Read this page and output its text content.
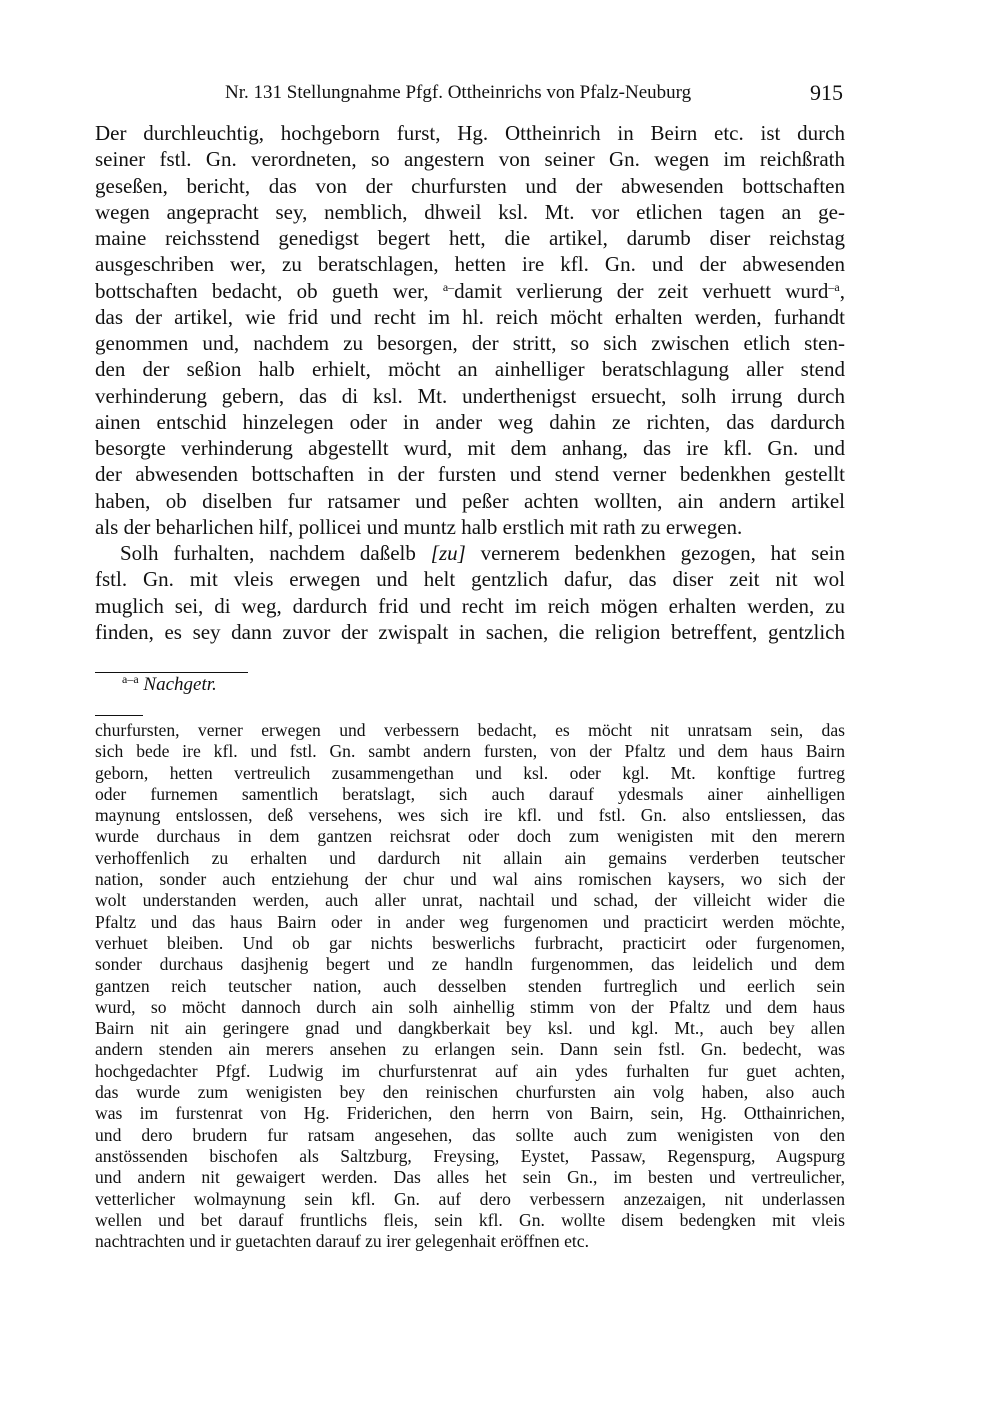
Nr. 131 Stellungnahme Pfgf. Ottheinrichs von Pfalz-Neuburg	915
Der durchleuchtig, hochgeborn furst, Hg. Ottheinrich in Beirn etc. ist durch
seiner fstl. Gn. verordneten, so angestern von seiner Gn. wegen im reichßrath
geseßen, bericht, das von der churfursten und der abwesenden bottschaften
wegen angepracht sey, nemblich, dhweil ksl. Mt. vor etlichen tagen an ge-
maine reichsstend genedigst begert hett, die artikel, darumb diser reichstag
ausgeschriben wer, zu beratschlagen, hetten ire kfl. Gn. und der abwesenden
bottschaften bedacht, ob gueth wer, $^{a-}$damit verlierung der zeit verhuett wurd$^{-a}$,
das der artikel, wie frid und recht im hl. reich möcht erhalten werden, furhandt
genommen und, nachdem zu besorgen, der stritt, so sich zwischen etlich sten-
den der seßion halb erhielt, möcht an ainhelliger beratschlagung aller stend
verhinderung gebern, das di ksl. Mt. underthenigst ersuecht, solh irrung durch
ainen entschid hinzelegen oder in ander weg dahin ze richten, das dardurch
besorgte verhinderung abgestellt wurd, mit dem anhang, das ire kfl. Gn. und
der abwesenden bottschaften in der fursten und stend verner bedenkhen gestellt
haben, ob diselben fur ratsamer und peßer achten wollten, ain andern artikel
als der beharlichen hilf, pollicei und muntz halb erstlich mit rath zu erwegen.
Solh furhalten, nachdem daßelb [zu] vernerem bedenkhen gezogen, hat sein
fstl. Gn. mit vleis erwegen und helt gentzlich dafur, das diser zeit nit wol
muglich sei, di weg, dardurch frid und recht im reich mögen erhalten werden, zu
finden, es sey dann zuvor der zwispalt in sachen, die religion betreffent, gentzlich
$^{a-a}$ Nachgetr.
churfursten, verner erwegen und verbessern bedacht, es möcht nit unratsam sein, das
sich bede ire kfl. und fstl. Gn. sambt andern fursten, von der Pfaltz und dem haus Bairn
geborn, hetten vertreulich zusammengethan und ksl. oder kgl. Mt. konftige furtreg
oder furnemen samentlich beratslagt, sich auch darauf ydesmals ainer ainhelligen
maynung entslossen, deß versehens, wes sich ire kfl. und fstl. Gn. also entsliessen, das
wurde durchaus in dem gantzen reichsrat oder doch zum wenigisten mit den merern
verhoffenlich zu erhalten und dardurch nit allain ain gemains verderben teutscher
nation, sonder auch entziehung der chur und wal ains romischen kaysers, wo sich der
wolt understanden werden, auch aller unrat, nachtail und schad, der villeicht wider die
Pfaltz und das haus Bairn oder in ander weg furgenomen und practicirt werden möchte,
verhuet bleiben. Und ob gar nichts beswerlichs furbracht, practicirt oder furgenomen,
sonder durchaus dasjhenig begert und ze handln furgenommen, das leidelich und dem
gantzen reich teutscher nation, auch desselben stenden furtreglich und eerlich sein
wurd, so möcht dannoch durch ain solh ainhellig stimm von der Pfaltz und dem haus
Bairn nit ain geringere gnad und dangkberkait bey ksl. und kgl. Mt., auch bey allen
andern stenden ain merers ansehen zu erlangen sein. Dann sein fstl. Gn. bedecht, was
hochgedachter Pfgf. Ludwig im churfurstenrat auf ain ydes furhalten fur guet achten,
das wurde zum wenigisten bey den reinischen churfursten ain volg haben, also auch
was im furstenrat von Hg. Friderichen, den herrn von Bairn, sein, Hg. Otthainrichen,
und dero brudern fur ratsam angesehen, das sollte auch zum wenigisten von den
anstössenden bischofen als Saltzburg, Freysing, Eystet, Passaw, Regenspurg, Augspurg
und andern nit gewaigert werden. Das alles het sein Gn., im besten und vertreulicher,
vetterlicher wolmaynung sein kfl. Gn. auf dero verbessern anzezaigen, nit underlassen
wellen und bet darauf fruntlichs fleis, sein kfl. Gn. wollte disem bedengken mit vleis
nachtrachten und ir guetachten darauf zu irer gelegenhait eröffnen etc.
